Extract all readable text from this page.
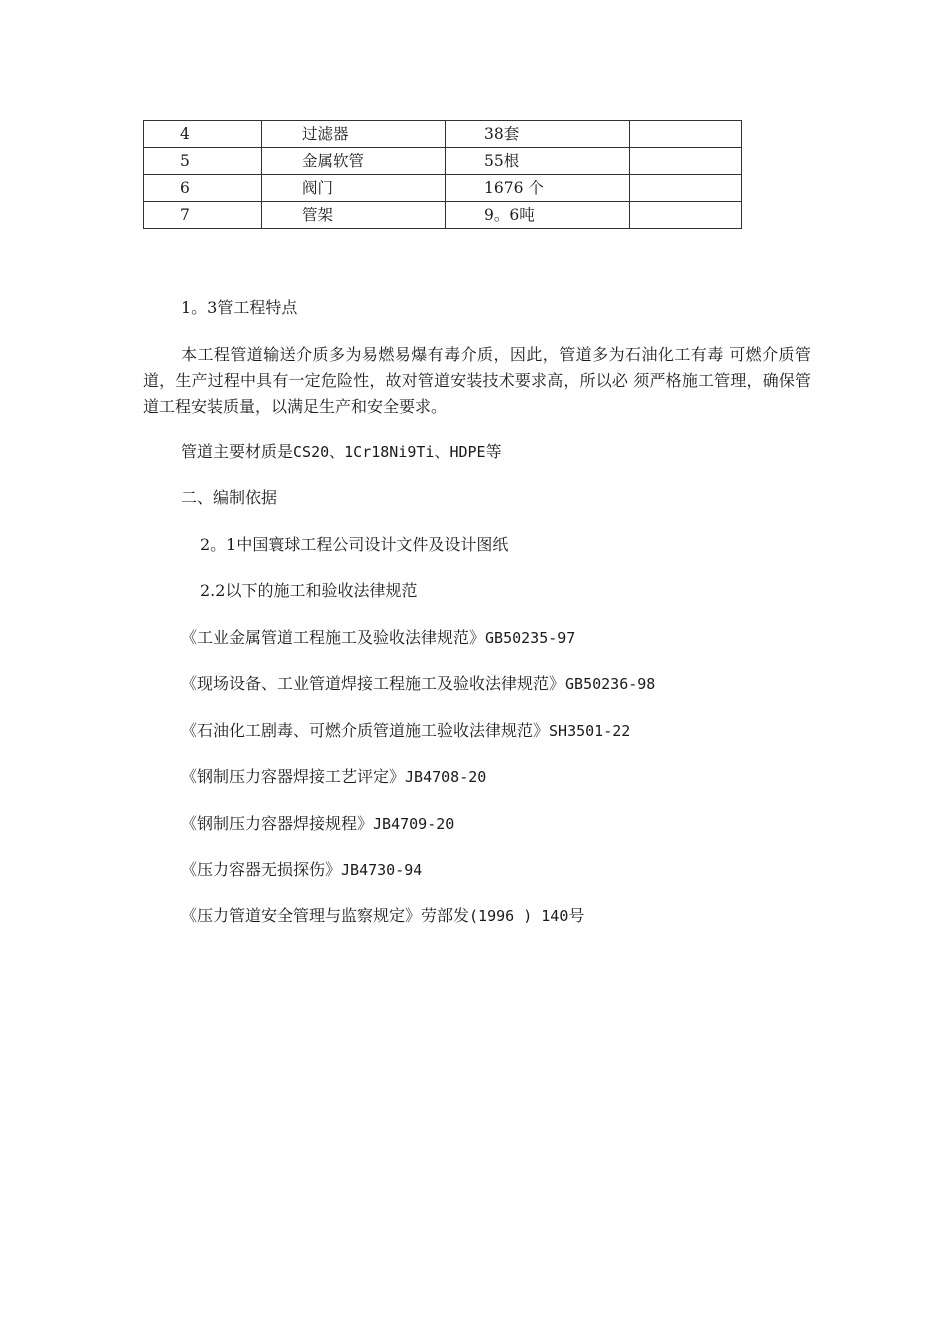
4	过滤器	38套	
5	金属软管	55根	
6	阀门	1676 个	
7	管架	9。6吨	
1。3管工程特点
本工程管道输送介质多为易燃易爆有毒介质，因此，管道多为石油化工有毒 可燃介质管道，生产过程中具有一定危险性，故对管道安装技术要求高，所以必 须严格施工管理，确保管道工程安装质量，以满足生产和安全要求。
管道主要材质是CS20、1Cr18Ni9Ti、HDPE等
二、编制依据
2。1中国寰球工程公司设计文件及设计图纸
2.2以下的施工和验收法律规范
《工业金属管道工程施工及验收法律规范》GB50235-97
《现场设备、工业管道焊接工程施工及验收法律规范》GB50236-98
《石油化工剧毒、可燃介质管道施工验收法律规范》SH3501-22
《钢制压力容器焊接工艺评定》JB4708-20
《钢制压力容器焊接规程》JB4709-20
《压力容器无损探伤》JB4730-94
《压力管道安全管理与监察规定》劳部发(1996 ) 140号
